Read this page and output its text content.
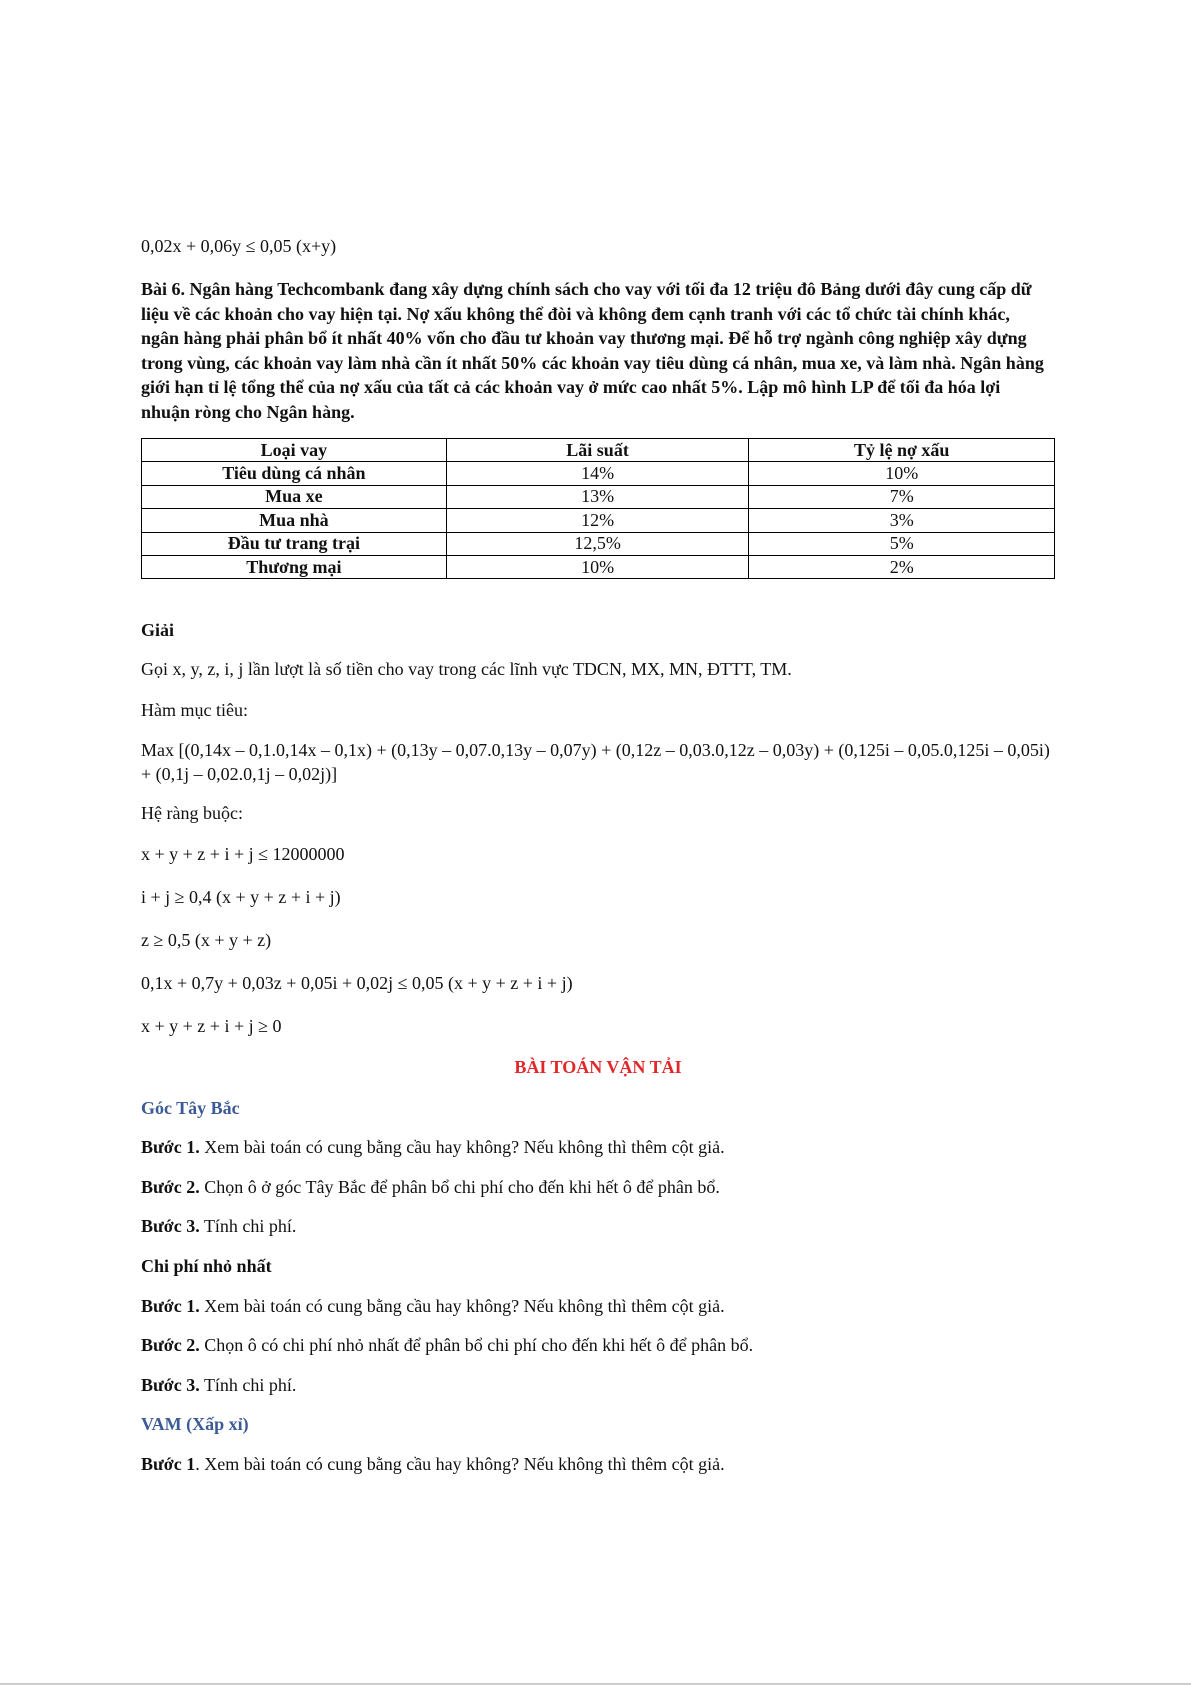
0,02x + 0,06y ≤ 0,05 (x+y)

Bài 6. Ngân hàng Techcombank đang xây dựng chính sách cho vay với tối đa 12 triệu đô Bảng dưới đây cung cấp dữ liệu về các khoản cho vay hiện tại. Nợ xấu không thể đòi và không đem cạnh tranh với các tổ chức tài chính khác, ngân hàng phải phân bổ ít nhất 40% vốn cho đầu tư khoản vay thương mại. Để hỗ trợ ngành công nghiệp xây dựng trong vùng, các khoản vay làm nhà cần ít nhất 50% các khoản vay tiêu dùng cá nhân, mua xe, và làm nhà. Ngân hàng giới hạn tỉ lệ tổng thể của nợ xấu của tất cả các khoản vay ở mức cao nhất 5%. Lập mô hình LP để tối đa hóa lợi nhuận ròng cho Ngân hàng.

Loại vay	Lãi suất	Tỷ lệ nợ xấu
Tiêu dùng cá nhân	14%	10%
Mua xe	13%	7%
Mua nhà	12%	3%
Đầu tư trang trại	12,5%	5%
Thương mại	10%	2%

Giải

Gọi x, y, z, i, j lần lượt là số tiền cho vay trong các lĩnh vực TDCN, MX, MN, ĐTTT, TM.

Hàm mục tiêu:

Max [(0,14x – 0,1.0,14x – 0,1x) + (0,13y – 0,07.0,13y – 0,07y) + (0,12z – 0,03.0,12z – 0,03y) + (0,125i – 0,05.0,125i – 0,05i) + (0,1j – 0,02.0,1j – 0,02j)]

Hệ ràng buộc:

x + y + z + i + j ≤ 12000000

i + j ≥ 0,4 (x + y + z + i + j)

z ≥ 0,5 (x + y + z)

0,1x + 0,7y + 0,03z + 0,05i + 0,02j ≤ 0,05 (x + y + z + i + j)

x + y + z + i + j ≥ 0

BÀI TOÁN VẬN TẢI

Góc Tây Bắc

Bước 1. Xem bài toán có cung bằng cầu hay không? Nếu không thì thêm cột giả.

Bước 2. Chọn ô ở góc Tây Bắc để phân bổ chi phí cho đến khi hết ô để phân bổ.

Bước 3. Tính chi phí.

Chi phí nhỏ nhất

Bước 1. Xem bài toán có cung bằng cầu hay không? Nếu không thì thêm cột giả.

Bước 2. Chọn ô có chi phí nhỏ nhất để phân bổ chi phí cho đến khi hết ô để phân bổ.

Bước 3. Tính chi phí.

VAM (Xấp xỉ)

Bước 1. Xem bài toán có cung bằng cầu hay không? Nếu không thì thêm cột giả.
